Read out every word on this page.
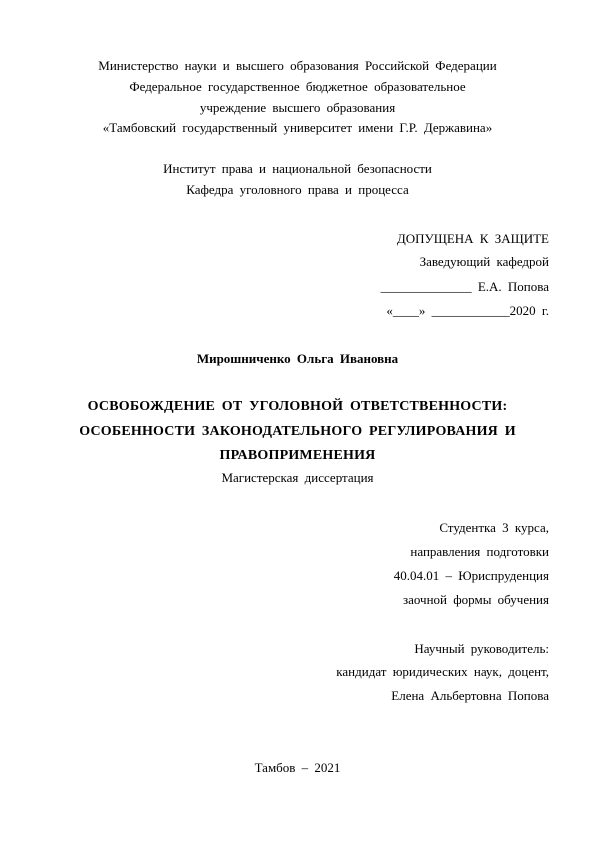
Министерство науки и высшего образования Российской Федерации
Федеральное государственное бюджетное образовательное
учреждение высшего образования
«Тамбовский государственный университет имени Г.Р. Державина»
Институт права и национальной безопасности
Кафедра уголовного права и процесса
ДОПУЩЕНА К ЗАЩИТЕ
Заведующий кафедрой
______________ Е.А. Попова
«____» ____________2020 г.
Мирошниченко Ольга Ивановна
ОСВОБОЖДЕНИЕ ОТ УГОЛОВНОЙ ОТВЕТСТВЕННОСТИ:
ОСОБЕННОСТИ ЗАКОНОДАТЕЛЬНОГО РЕГУЛИРОВАНИЯ И
ПРАВОПРИМЕНЕНИЯ
Магистерская диссертация
Студентка 3 курса,
направления подготовки
40.04.01 – Юриспруденция
заочной формы обучения
Научный руководитель:
кандидат юридических наук, доцент,
Елена Альбертовна Попова
Тамбов – 2021
